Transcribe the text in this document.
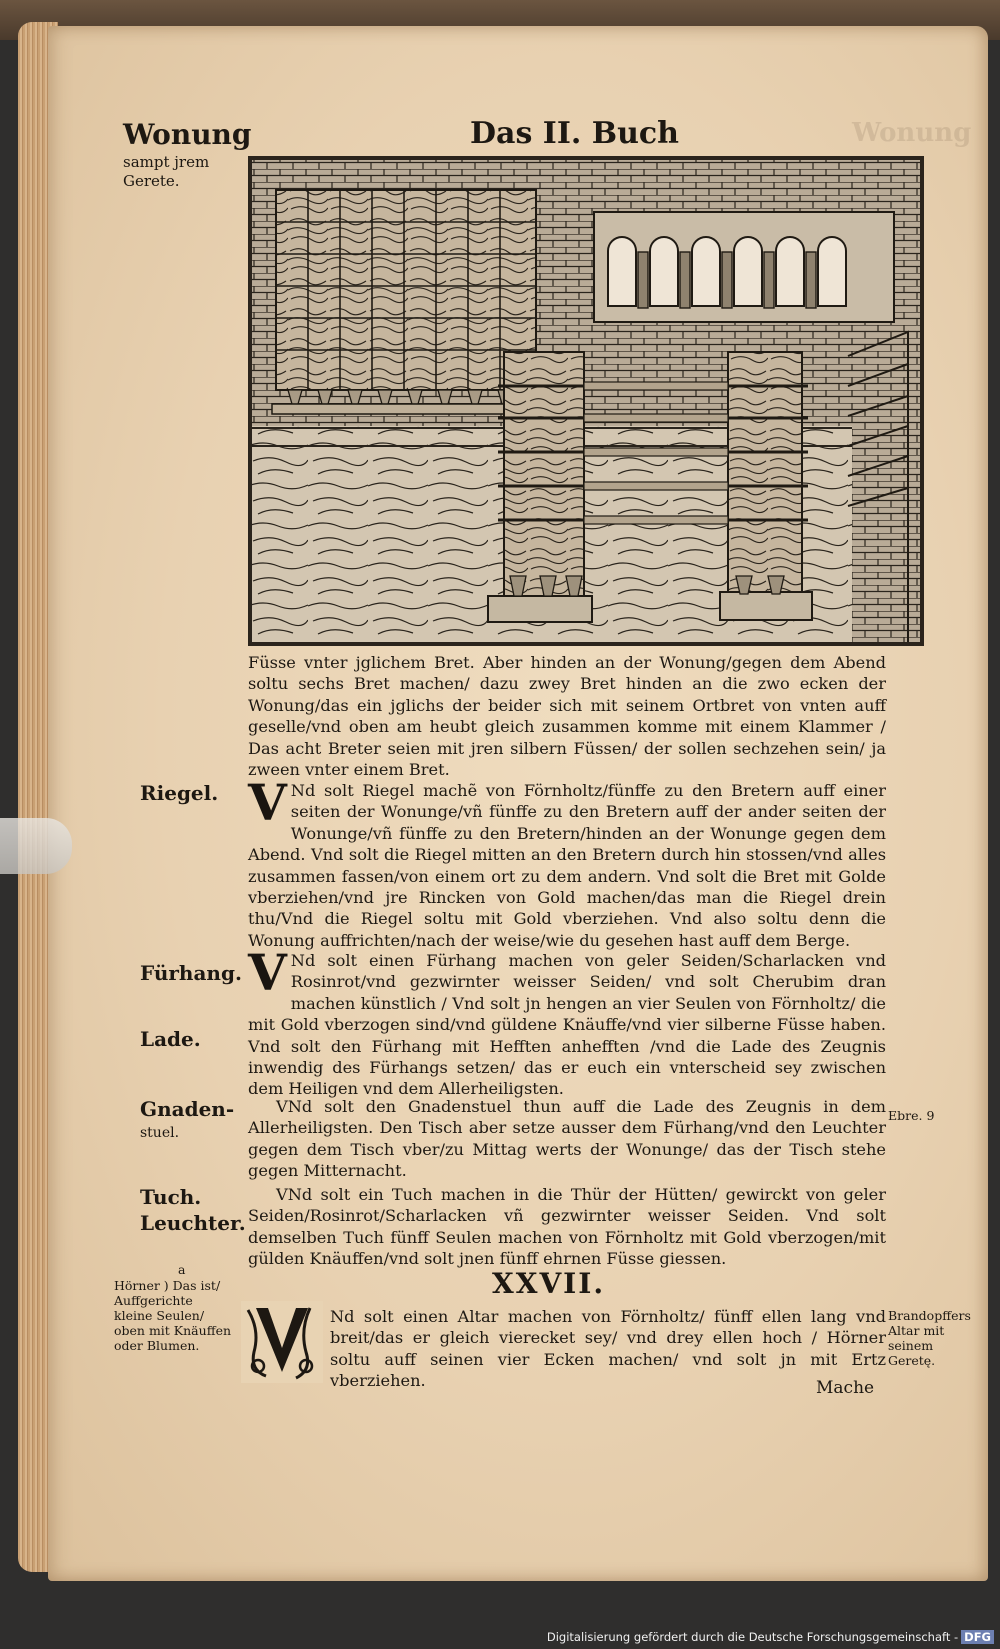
Wonung
Wonung
sampt jrem Gerete.
Das II. Buch
Füsse vnter jglichem Bret. Aber hinden an der Wonung/gegen dem Abend soltu sechs Bret machen/ dazu zwey Bret hinden an die zwo ecken der Wonung/das ein jglichs der beider sich mit seinem Ortbret von vnten auff geselle/vnd oben am heubt gleich zusammen komme mit einem Klammer / Das acht Breter seien mit jren silbern Füssen/ der sollen sechzehen sein/ ja zween vnter einem Bret.
Riegel. V Nd solt Riegel machẽ von Förnholtz/fünffe zu den Bretern auff einer seiten der Wonunge/vñ fünffe zu den Bretern auff der ander seiten der Wonunge/vñ fünffe zu den Bretern/hinden an der Wonunge gegen dem Abend. Vnd solt die Riegel mitten an den Bretern durch hin stossen/vnd alles zusammen fassen/von einem ort zu dem andern. Vnd solt die Bret mit Golde vberziehen/vnd jre Rincken von Gold machen/das man die Riegel drein thu/Vnd die Riegel soltu mit Gold vberziehen. Vnd also soltu denn die Wonung auffrichten/nach der weise/wie du gesehen hast auff dem Berge.
Fürhang.
Lade.
V Nd solt einen Fürhang machen von geler Seiden/Scharlacken vnd Rosinrot/vnd gezwirnter weisser Seiden/ vnd solt Cherubim dran machen künstlich / Vnd solt jn hengen an vier Seulen von Förnholtz/ die mit Gold vberzogen sind/vnd güldene Knäuffe/vnd vier silberne Füsse haben. Vnd solt den Fürhang mit Hefften anhefften /vnd die Lade des Zeugnis inwendig des Fürhangs setzen/ das er euch ein vnterscheid sey zwischen dem Heiligen vnd dem Allerheiligsten.
Gnaden-
stuel.
Ebre. 9
VNd solt den Gnadenstuel thun auff die Lade des Zeugnis in dem Allerheiligsten. Den Tisch aber setze ausser dem Fürhang/vnd den Leuchter gegen dem Tisch vber/zu Mittag werts der Wonunge/ das der Tisch stehe gegen Mitternacht.
Tuch.
Leuchter.
VNd solt ein Tuch machen in die Thür der Hütten/ gewirckt von geler Seiden/Rosinrot/Scharlacken vñ gezwirnter weisser Seiden. Vnd solt demselben Tuch fünff Seulen machen von Förnholtz mit Gold vberzogen/mit gülden Knäuffen/vnd solt jnen fünff ehrnen Füsse giessen.
a
Hörner ) Das ist/ Auffgerichte kleine Seulen/ oben mit Knäuffen oder Blumen.
XXVII.
Nd solt einen Altar machen von Förnholtz/ fünff ellen lang vnd breit/das er gleich vierecket sey/ vnd drey ellen hoch / Hörner soltu auff seinen vier Ecken machen/ vnd solt jn mit Ertz vberziehen.
Brandopffers Altar mit seinem Geretę.
Mache
Digitalisierung gefördert durch die Deutsche Forschungsgemeinschaft - DFG
